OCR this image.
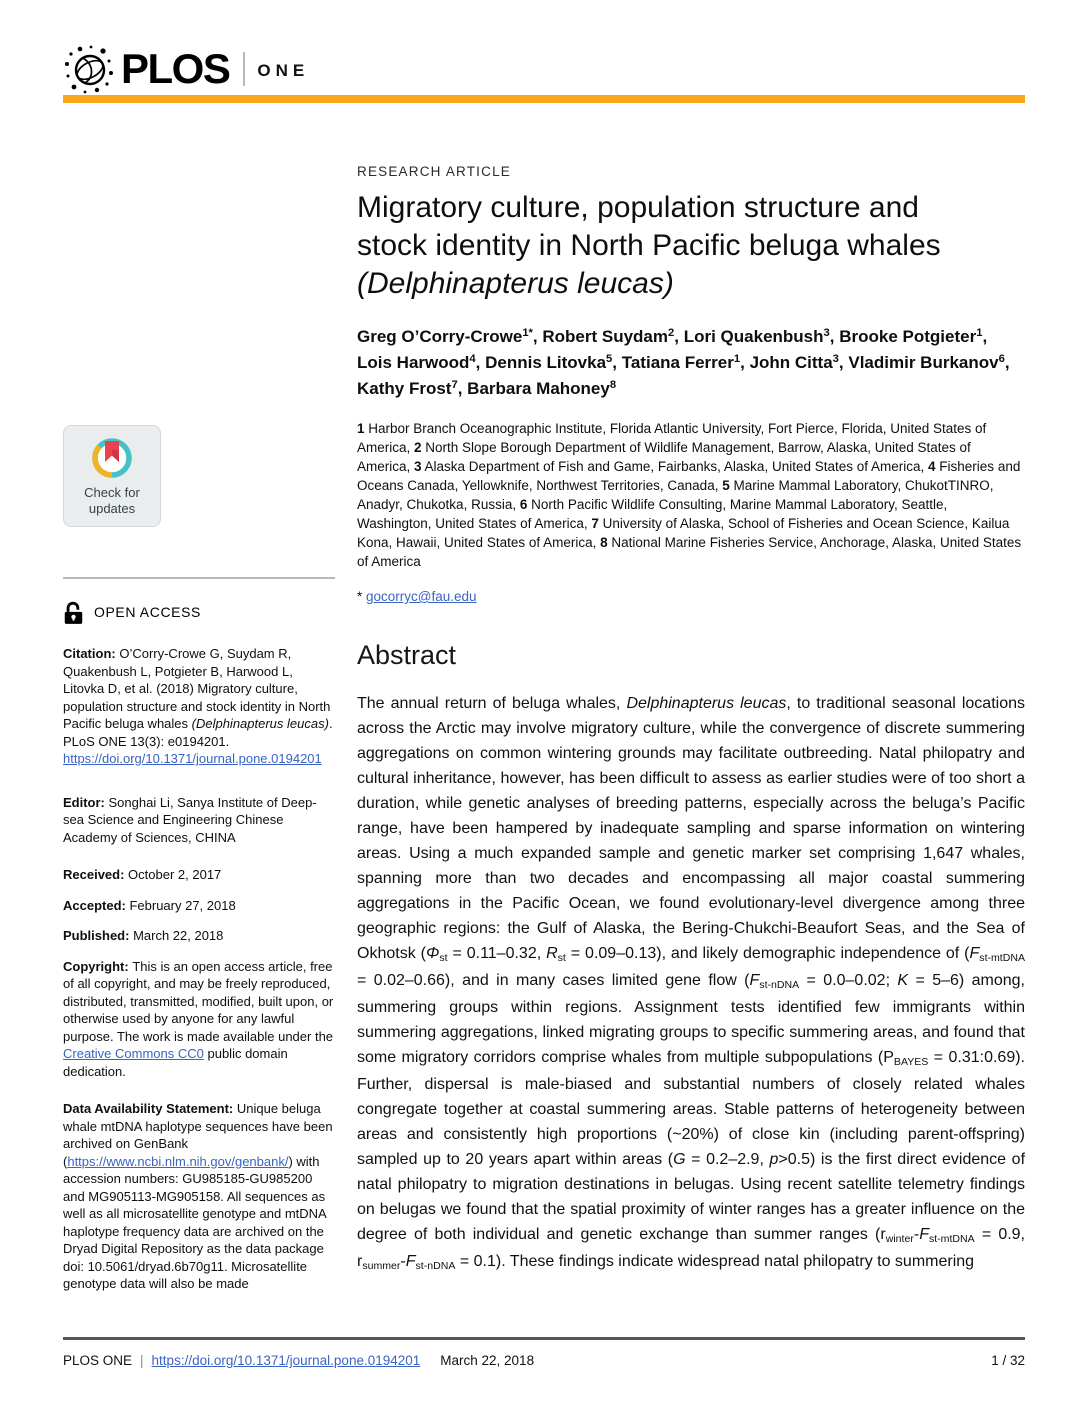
PLOS ONE
Check for updates
OPEN ACCESS

Citation: O’Corry-Crowe G, Suydam R, Quakenbush L, Potgieter B, Harwood L, Litovka D, et al. (2018) Migratory culture, population structure and stock identity in North Pacific beluga whales (Delphinapterus leucas). PLoS ONE 13(3): e0194201. https://doi.org/10.1371/journal.pone.0194201

Editor: Songhai Li, Sanya Institute of Deep-sea Science and Engineering Chinese Academy of Sciences, CHINA

Received: October 2, 2017

Accepted: February 27, 2018

Published: March 22, 2018

Copyright: This is an open access article, free of all copyright, and may be freely reproduced, distributed, transmitted, modified, built upon, or otherwise used by anyone for any lawful purpose. The work is made available under the Creative Commons CC0 public domain dedication.

Data Availability Statement: Unique beluga whale mtDNA haplotype sequences have been archived on GenBank (https://www.ncbi.nlm.nih.gov/genbank/) with accession numbers: GU985185-GU985200 and MG905113-MG905158. All sequences as well as all microsatellite genotype and mtDNA haplotype frequency data are archived on the Dryad Digital Repository as the data package doi: 10.5061/dryad.6b70g11. Microsatellite genotype data will also be made

RESEARCH ARTICLE
Migratory culture, population structure and
stock identity in North Pacific beluga whales
(Delphinapterus leucas)
Greg O’Corry-Crowe$^{1*}$, Robert Suydam$^2$, Lori Quakenbush$^3$, Brooke Potgieter$^1$,
Lois Harwood$^4$, Dennis Litovka$^5$, Tatiana Ferrer$^1$, John Citta$^3$, Vladimir Burkanov$^6$,
Kathy Frost$^7$, Barbara Mahoney$^8$
1 Harbor Branch Oceanographic Institute, Florida Atlantic University, Fort Pierce, Florida, United States of America, 2 North Slope Borough Department of Wildlife Management, Barrow, Alaska, United States of America, 3 Alaska Department of Fish and Game, Fairbanks, Alaska, United States of America, 4 Fisheries and Oceans Canada, Yellowknife, Northwest Territories, Canada, 5 Marine Mammal Laboratory, ChukotTINRO, Anadyr, Chukotka, Russia, 6 North Pacific Wildlife Consulting, Marine Mammal Laboratory, Seattle, Washington, United States of America, 7 University of Alaska, School of Fisheries and Ocean Science, Kailua Kona, Hawaii, United States of America, 8 National Marine Fisheries Service, Anchorage, Alaska, United States of America
* gocorryc@fau.edu
Abstract

The annual return of beluga whales, Delphinapterus leucas, to traditional seasonal locations across the Arctic may involve migratory culture, while the convergence of discrete summering aggregations on common wintering grounds may facilitate outbreeding. Natal philopatry and cultural inheritance, however, has been difficult to assess as earlier studies were of too short a duration, while genetic analyses of breeding patterns, especially across the beluga’s Pacific range, have been hampered by inadequate sampling and sparse information on wintering areas. Using a much expanded sample and genetic marker set comprising 1,647 whales, spanning more than two decades and encompassing all major coastal summering aggregations in the Pacific Ocean, we found evolutionary-level divergence among three geographic regions: the Gulf of Alaska, the Bering-Chukchi-Beaufort Seas, and the Sea of Okhotsk (Φst = 0.11–0.32, Rst = 0.09–0.13), and likely demographic independence of (Fst-mtDNA = 0.02–0.66), and in many cases limited gene flow (Fst-nDNA = 0.0–0.02; K = 5–6) among, summering groups within regions. Assignment tests identified few immigrants within summering aggregations, linked migrating groups to specific summering areas, and found that some migratory corridors comprise whales from multiple subpopulations (PBAYES = 0.31:0.69). Further, dispersal is male-biased and substantial numbers of closely related whales congregate together at coastal summering areas. Stable patterns of heterogeneity between areas and consistently high proportions (~20%) of close kin (including parent-offspring) sampled up to 20 years apart within areas (G = 0.2–2.9, p>0.5) is the first direct evidence of natal philopatry to migration destinations in belugas. Using recent satellite telemetry findings on belugas we found that the spatial proximity of winter ranges has a greater influence on the degree of both individual and genetic exchange than summer ranges (rwinter-Fst-mtDNA = 0.9, rsummer-Fst-nDNA = 0.1). These findings indicate widespread natal philopatry to summering

PLOS ONE | https://doi.org/10.1371/journal.pone.0194201 March 22, 2018	1 / 32
